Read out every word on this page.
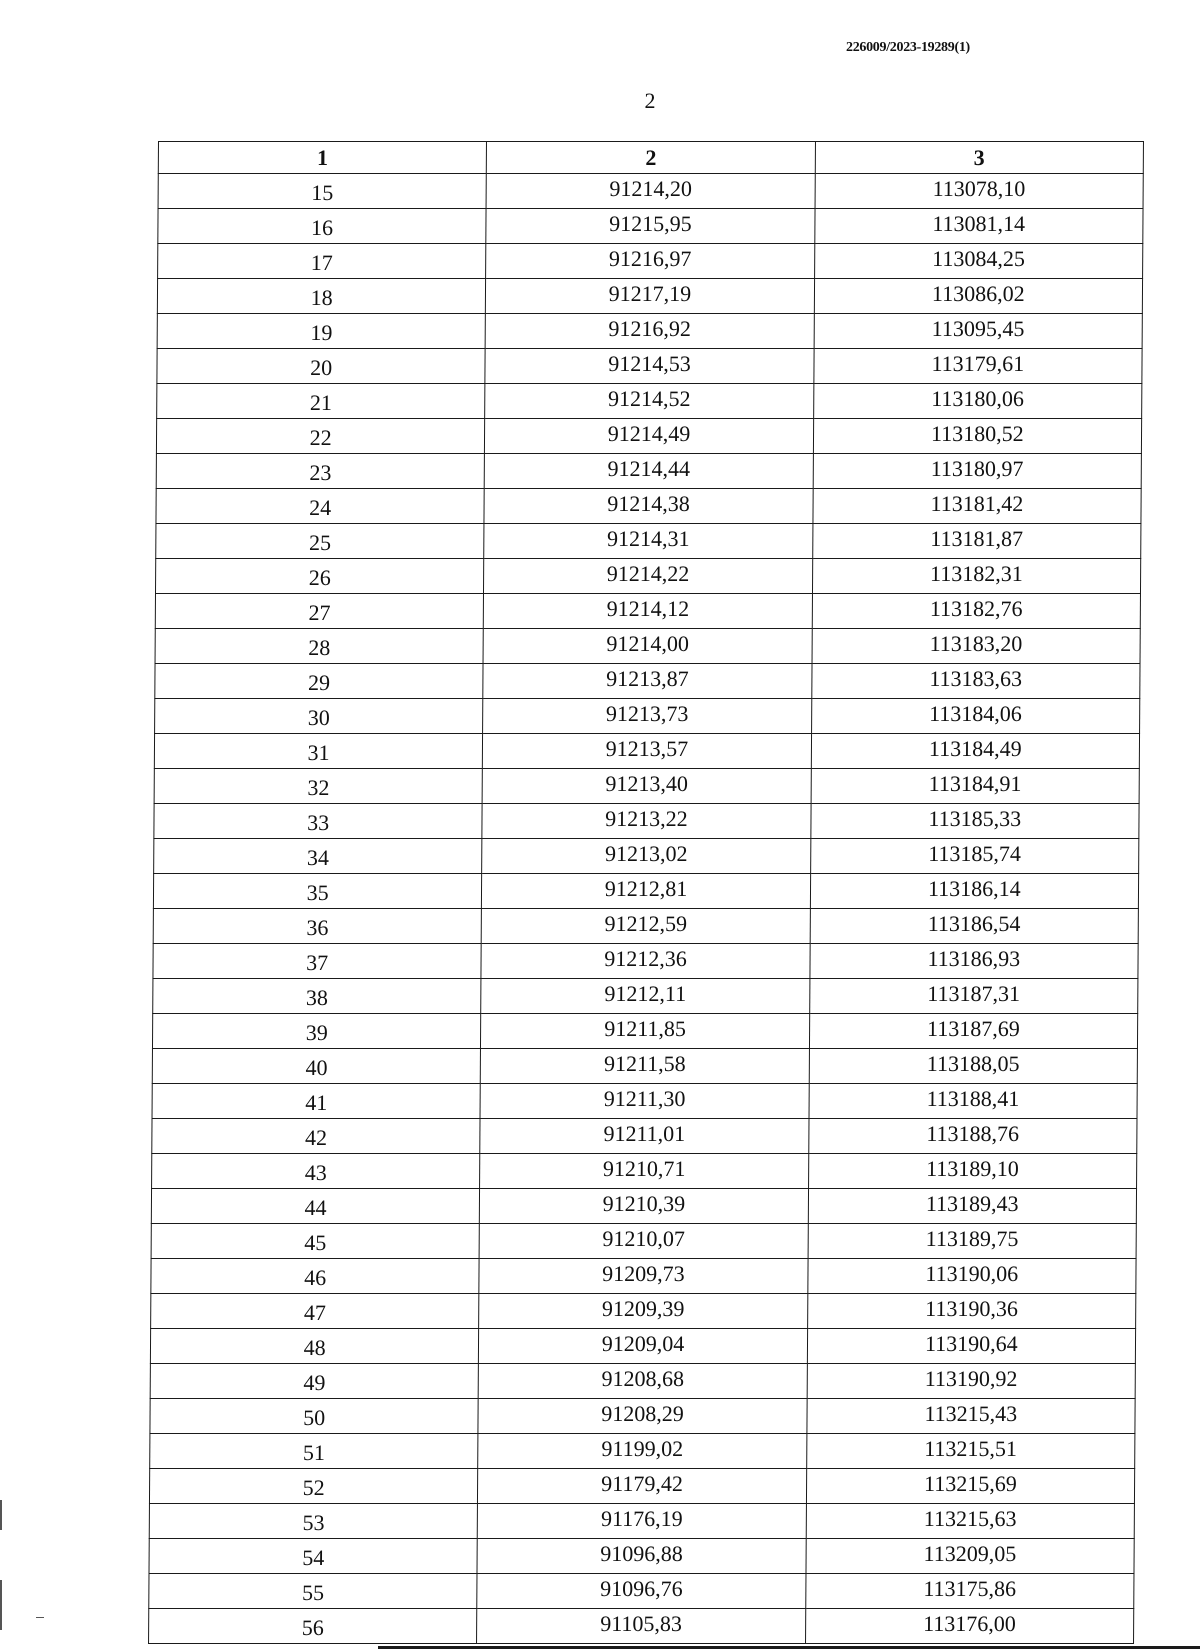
226009/2023-19289(1)
2
1	2	3
15	91214,20	113078,10
16	91215,95	113081,14
17	91216,97	113084,25
18	91217,19	113086,02
19	91216,92	113095,45
20	91214,53	113179,61
21	91214,52	113180,06
22	91214,49	113180,52
23	91214,44	113180,97
24	91214,38	113181,42
25	91214,31	113181,87
26	91214,22	113182,31
27	91214,12	113182,76
28	91214,00	113183,20
29	91213,87	113183,63
30	91213,73	113184,06
31	91213,57	113184,49
32	91213,40	113184,91
33	91213,22	113185,33
34	91213,02	113185,74
35	91212,81	113186,14
36	91212,59	113186,54
37	91212,36	113186,93
38	91212,11	113187,31
39	91211,85	113187,69
40	91211,58	113188,05
41	91211,30	113188,41
42	91211,01	113188,76
43	91210,71	113189,10
44	91210,39	113189,43
45	91210,07	113189,75
46	91209,73	113190,06
47	91209,39	113190,36
48	91209,04	113190,64
49	91208,68	113190,92
50	91208,29	113215,43
51	91199,02	113215,51
52	91179,42	113215,69
53	91176,19	113215,63
54	91096,88	113209,05
55	91096,76	113175,86
56	91105,83	113176,00
